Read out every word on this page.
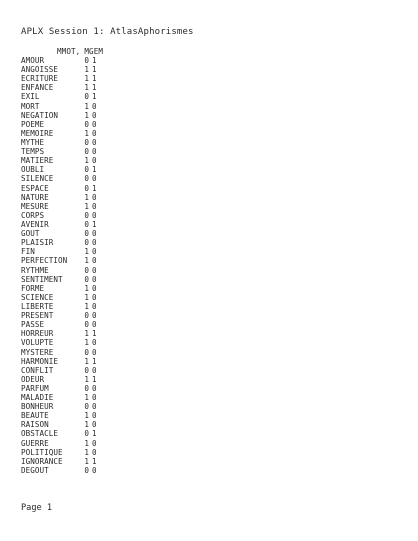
APLX Session 1: AtlasAphorismes
MMOT, MGEM
AMOUR	0 1
ANGOISSE	1 1
ECRITURE	1 1
ENFANCE	1 1
EXIL	0 1
MORT	1 0
NEGATION	1 0
POEME	0 0
MEMOIRE	1 0
MYTHE	0 0
TEMPS	0 0
MATIERE	1 0
OUBLI	0 1
SILENCE	0 0
ESPACE	0 1
NATURE	1 0
MESURE	1 0
CORPS	0 0
AVENIR	0 1
GOUT	0 0
PLAISIR	0 0
FIN	1 0
PERFECTION	1 0
RYTHME	0 0
SENTIMENT	0 0
FORME	1 0
SCIENCE	1 0
LIBERTE	1 0
PRESENT	0 0
PASSE	0 0
HORREUR	1 1
VOLUPTE	1 0
MYSTERE	0 0
HARMONIE	1 1
CONFLIT	0 0
ODEUR	1 1
PARFUM	0 0
MALADIE	1 0
BONHEUR	0 0
BEAUTE	1 0
RAISON	1 0
OBSTACLE	0 1
GUERRE	1 0
POLITIQUE	1 0
IGNORANCE	1 1
DEGOUT	0 0
Page 1
